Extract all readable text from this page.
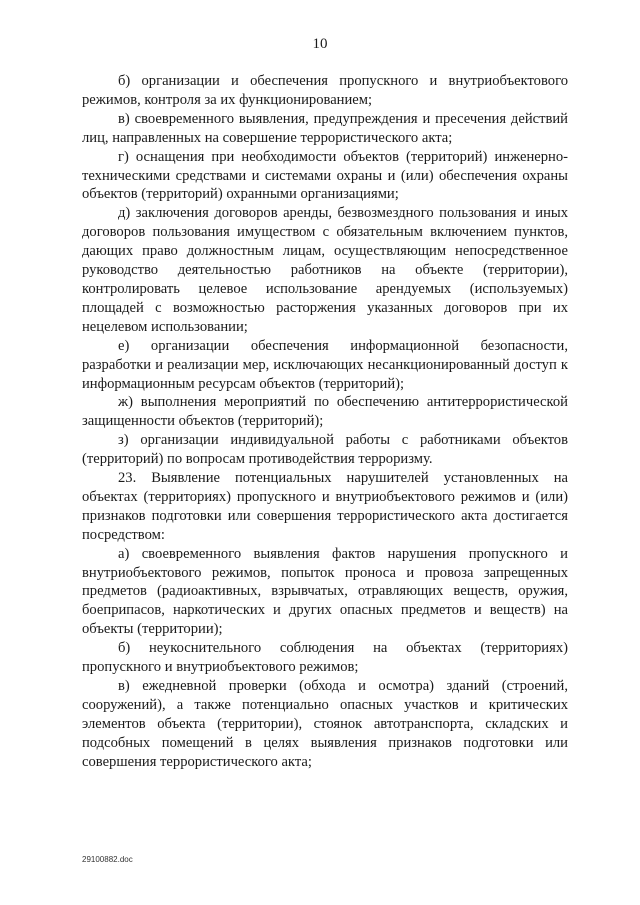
10

б) организации и обеспечения пропускного и внутриобъектового режимов, контроля за их функционированием;

в) своевременного выявления, предупреждения и пресечения действий лиц, направленных на совершение террористического акта;

г) оснащения при необходимости объектов (территорий) инженерно-техническими средствами и системами охраны и (или) обеспечения охраны объектов (территорий) охранными организациями;

д) заключения договоров аренды, безвозмездного пользования и иных договоров пользования имуществом с обязательным включением пунктов, дающих право должностным лицам, осуществляющим непосредственное руководство деятельностью работников на объекте (территории), контролировать целевое использование арендуемых (используемых) площадей с возможностью расторжения указанных договоров при их нецелевом использовании;

е) организации обеспечения информационной безопасности, разработки и реализации мер, исключающих несанкционированный доступ к информационным ресурсам объектов (территорий);

ж) выполнения мероприятий по обеспечению антитеррористической защищенности объектов (территорий);

з) организации индивидуальной работы с работниками объектов (территорий) по вопросам противодействия терроризму.

23. Выявление потенциальных нарушителей установленных на объектах (территориях) пропускного и внутриобъектового режимов и (или) признаков подготовки или совершения террористического акта достигается посредством:

а) своевременного выявления фактов нарушения пропускного и внутриобъектового режимов, попыток проноса и провоза запрещенных предметов (радиоактивных, взрывчатых, отравляющих веществ, оружия, боеприпасов, наркотических и других опасных предметов и веществ) на объекты (территории);

б) неукоснительного соблюдения на объектах (территориях) пропускного и внутриобъектового режимов;

в) ежедневной проверки (обхода и осмотра) зданий (строений, сооружений), а также потенциально опасных участков и критических элементов объекта (территории), стоянок автотранспорта, складских и подсобных помещений в целях выявления признаков подготовки или совершения террористического акта;

29100882.doc
